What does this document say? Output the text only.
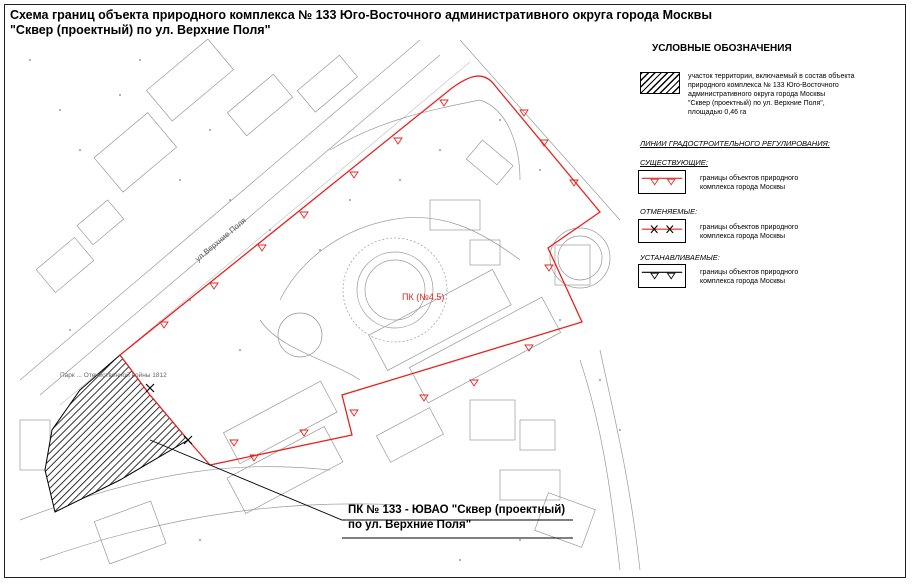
Схема границ объекта природного комплекса № 133 Юго-Восточного административного округа города Москвы
"Сквер (проектный) по ул. Верхние Поля"
ул.Верхние Поля
ПК (№4.5)
Парк ... Отечественной войны 1812
ПК № 133 - ЮВАО "Сквер (проектный)
по ул. Верхние Поля"
УСЛОВНЫЕ ОБОЗНАЧЕНИЯ
участок территории, включаемый в состав объекта
природного комплекса № 133 Юго-Восточного
административного округа города Москвы
"Сквер (проектный) по ул. Верхние Поля",
площадью 0,46 га
ЛИНИИ ГРАДОСТРОИТЕЛЬНОГО РЕГУЛИРОВАНИЯ:
СУЩЕСТВУЮЩИЕ:
границы объектов природного
комплекса города Москвы
ОТМЕНЯЕМЫЕ:
границы объектов природного
комплекса города Москвы
УСТАНАВЛИВАЕМЫЕ:
границы объектов природного
комплекса города Москвы
